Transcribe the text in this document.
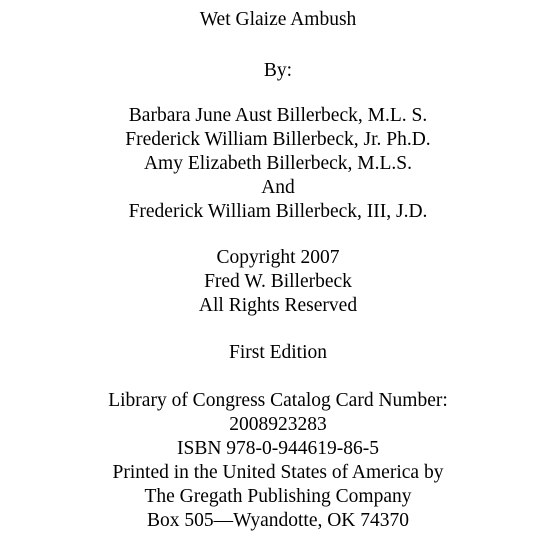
Wet Glaize Ambush
By:
Barbara June Aust Billerbeck, M.L. S.
Frederick William Billerbeck, Jr. Ph.D.
Amy Elizabeth Billerbeck, M.L.S.
And
Frederick William Billerbeck, III, J.D.
Copyright 2007
Fred W. Billerbeck
All Rights Reserved
First Edition
Library of Congress Catalog Card Number:
2008923283
ISBN 978-0-944619-86-5
Printed in the United States of America by
The Gregath Publishing Company
Box 505—Wyandotte, OK 74370
